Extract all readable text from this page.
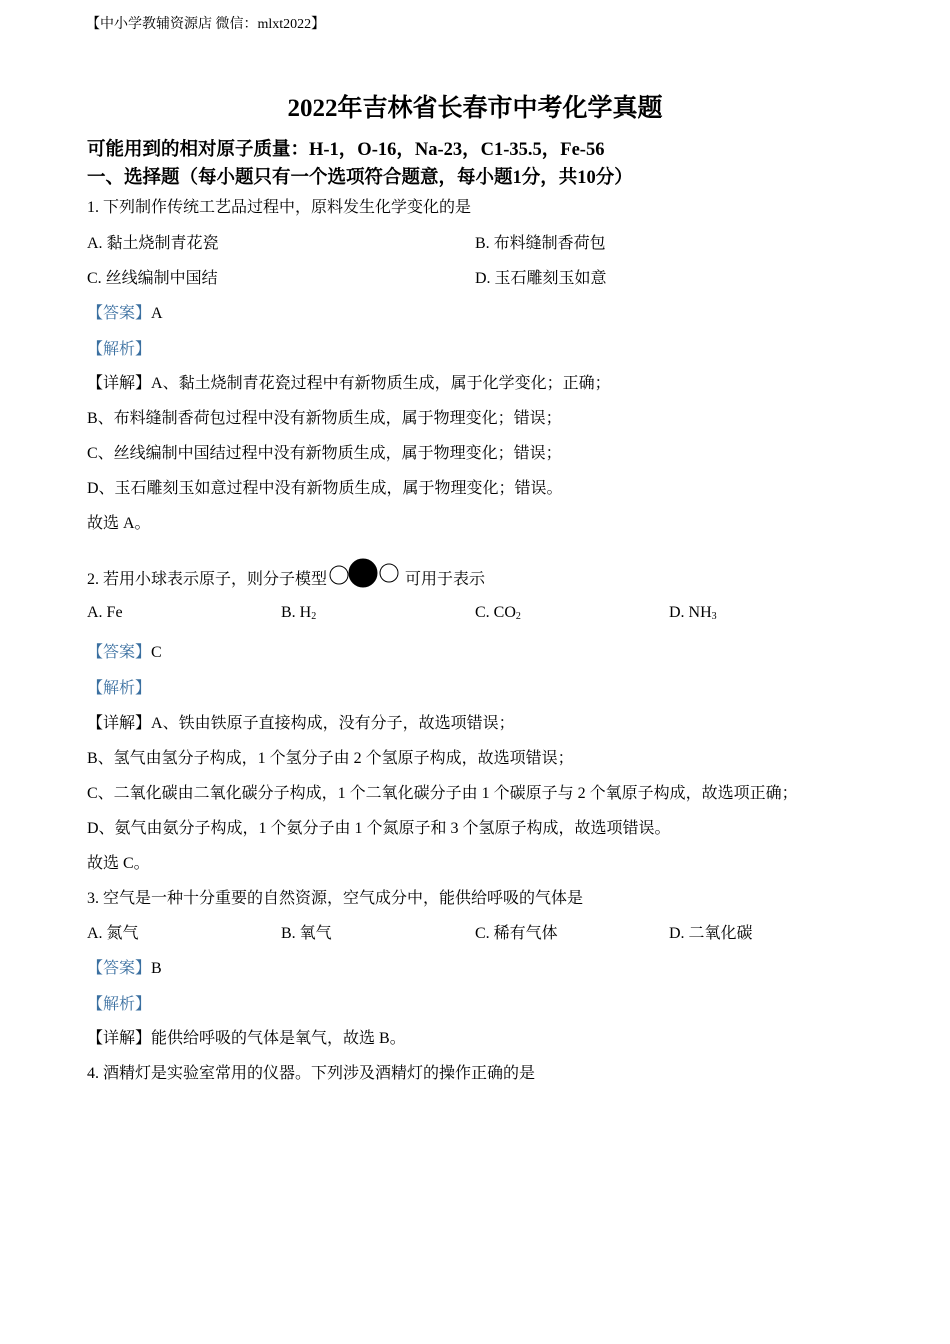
【中小学教辅资源店 微信：mlxt2022】
2022年吉林省长春市中考化学真题
可能用到的相对原子质量：H-1，O-16，Na-23，C1-35.5，Fe-56
一、选择题（每小题只有一个选项符合题意，每小题1分，共10分）
1. 下列制作传统工艺品过程中，原料发生化学变化的是
A. 黏土烧制青花瓷	B. 布料缝制香荷包
C. 丝线编制中国结	D. 玉石雕刻玉如意
【答案】A
【解析】
【详解】A、黏土烧制青花瓷过程中有新物质生成，属于化学变化；正确；
B、布料缝制香荷包过程中没有新物质生成，属于物理变化；错误；
C、丝线编制中国结过程中没有新物质生成，属于物理变化；错误；
D、玉石雕刻玉如意过程中没有新物质生成，属于物理变化；错误。
故选 A。
2. 若用小球表示原子，则分子模型	可用于表示
A. Fe	B. $H_2$	C. $CO_2$	D. $NH_3$
【答案】C
【解析】
【详解】A、铁由铁原子直接构成，没有分子，故选项错误；
B、氢气由氢分子构成，1 个氢分子由 2 个氢原子构成，故选项错误；
C、二氧化碳由二氧化碳分子构成，1 个二氧化碳分子由 1 个碳原子与 2 个氧原子构成，故选项正确；
D、氨气由氨分子构成，1 个氨分子由 1 个氮原子和 3 个氢原子构成，故选项错误。
故选 C。
3. 空气是一种十分重要的自然资源，空气成分中，能供给呼吸的气体是
A. 氮气	B. 氧气	C. 稀有气体	D. 二氧化碳
【答案】B
【解析】
【详解】能供给呼吸的气体是氧气，故选 B。
4. 酒精灯是实验室常用的仪器。下列涉及酒精灯的操作正确的是
